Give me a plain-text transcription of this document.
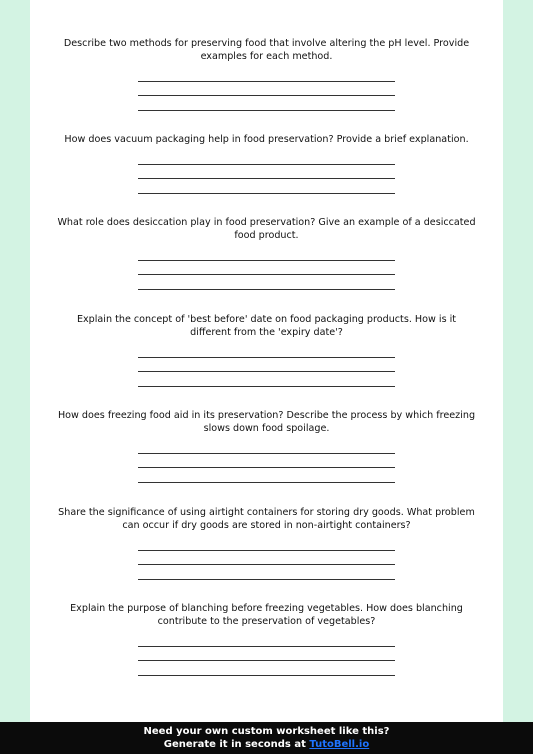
Describe two methods for preserving food that involve altering the pH level. Provide examples for each method.

How does vacuum packaging help in food preservation? Provide a brief explanation.

What role does desiccation play in food preservation? Give an example of a desiccated food product.

Explain the concept of 'best before' date on food packaging products. How is it different from the 'expiry date'?

How does freezing food aid in its preservation? Describe the process by which freezing slows down food spoilage.

Share the significance of using airtight containers for storing dry goods. What problem can occur if dry goods are stored in non-airtight containers?

Explain the purpose of blanching before freezing vegetables. How does blanching contribute to the preservation of vegetables?

Need your own custom worksheet like this?
Generate it in seconds at TutoBell.io
